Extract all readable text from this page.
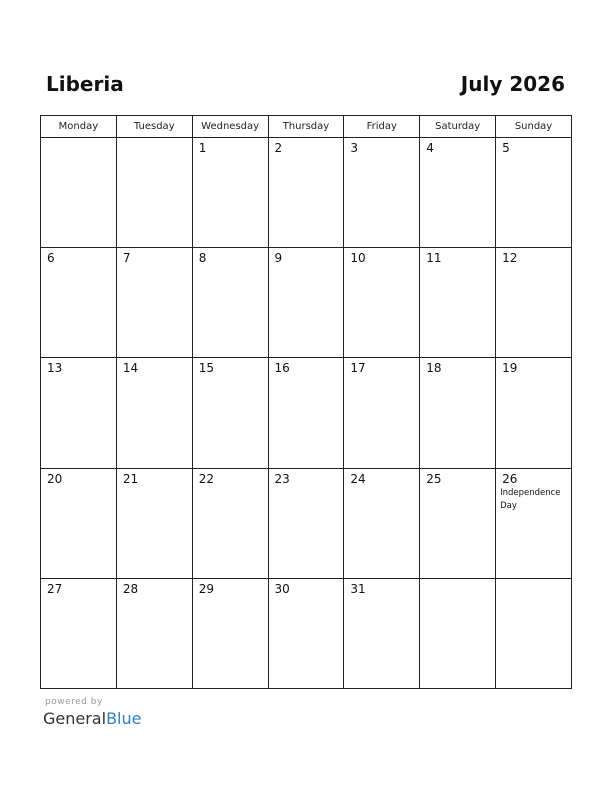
Liberia	July 2026
Monday	Tuesday	Wednesday	Thursday	Friday	Saturday	Sunday

		1	2	3	4	5

6	7	8	9	10	11	12

13	14	15	16	17	18	19

20	21	22	23	24	25	26
Independence Day

27	28	29	30	31		

powered by
GeneralBlue
